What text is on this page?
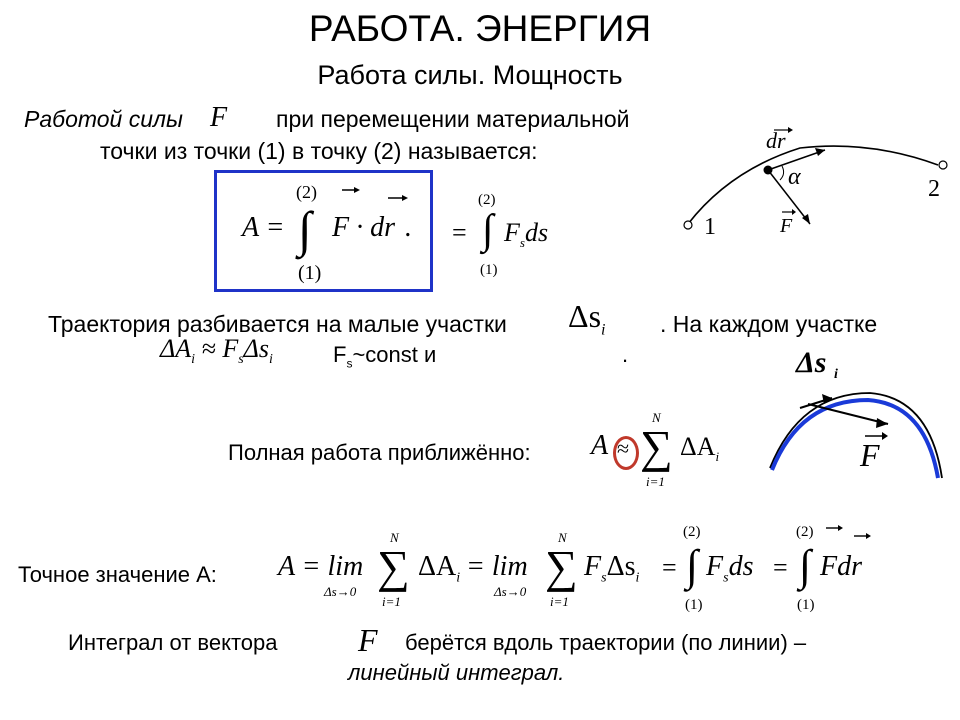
РАБОТА. ЭНЕРГИЯ
Работа силы. Мощность
Работой силы F при перемещении материальной
точки из точки (1) в точку (2) называется:
A =
(2)
∫
(1)
F · dr . =
(2)
∫
(1)
$F_sds$
dr
α
1
2
F
Траектория разбивается на малые участки $\Delta s_i$ . На каждом участке
$\Delta A_i \approx F_s\Delta s_i$	$F_s\sim const$ и	.	Δs i
F
Полная работа приближённо: A ≈
N
∑
i=1
$\Delta A_i$
Точное значение А: A = lim
Δs→0
N
∑
i=1
$\Delta A_i = \lim$
Δs→0
N
∑
i=1
$F_s\Delta s_i$ =
(2)
∫
(1)
$F_sds$ =
(2)
∫
(1)
Fdr
Интеграл от вектора	F берётся вдоль траектории (по линии) –
линейный интеграл.
